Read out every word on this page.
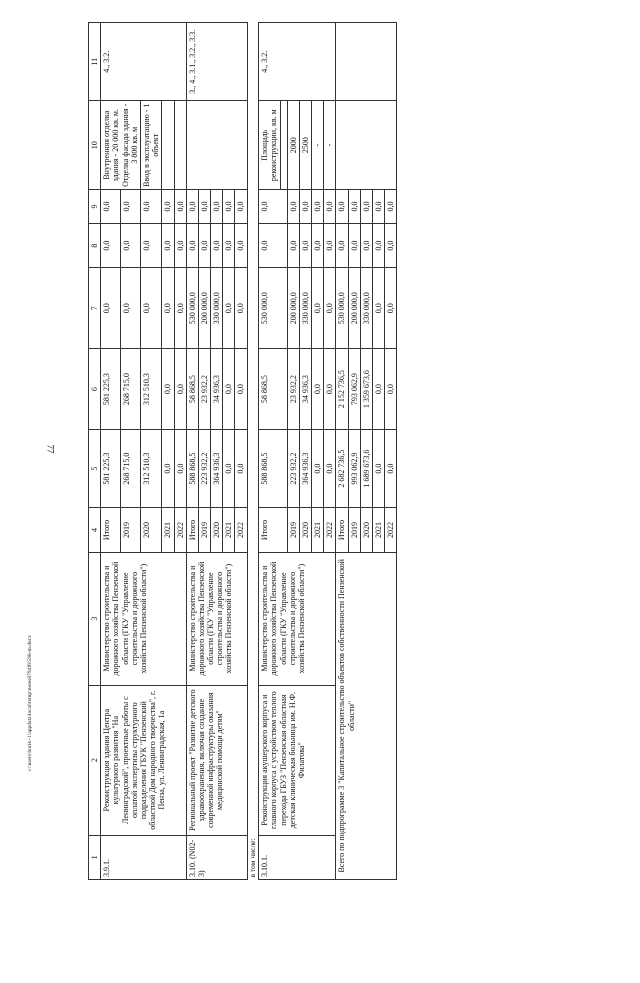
77
c:\users\borik~1\appdata\local\temp\notes8794f6\598-m.docx
1	2	3	4	5	6	7	8	9	10	11
3.9.1.	Реконструкция здания Центра культурного развития "На Ленинградской", проектные работы с оплатой экспертизы структурного подразделения ГБУК "Пензенский областной Дом народного творчества", г. Пенза, ул. Ленинградская, 1а	Министерство строительства и дорожного хозяйства Пензенской области (ГКУ "Управление строительства и дорожного хозяйства Пензенской области")	Итого	581 225,3	581 225,3	0,0	0,0	0,0	Внутренняя отделка здания - 20 000 кв. м. Отделка фасада здания - 3 800 кв. м	4., 3.2.
			2019	268 715,0	268 715,0	0,0	0,0	0,0		
			2020	312 510,3	312 510,3	0,0	0,0	0,0	Ввод в эксплуатацию - 1 объект	
			2021	0,0	0,0	0,0	0,0	0,0		
			2022	0,0	0,0	0,0	0,0	0,0		
3.10. (N02-3)	Региональный проект "Развитие детского здравоохранения, включая создание современной инфраструктуры оказания медицинской помощи детям"	Министерство строительства и дорожного хозяйства Пензенской области (ГКУ "Управление строительства и дорожного хозяйства Пензенской области")	Итого	588 868,5	58 868,5	530 000,0	0,0	0,0		3., 4., 3.1., 3.2., 3.3.
			2019	223 932,2	23 932,2	200 000,0	0,0	0,0		
			2020	364 936,3	34 936,3	330 000,0	0,0	0,0		
			2021	0,0	0,0	0,0	0,0	0,0		
			2022	0,0	0,0	0,0	0,0	0,0		
в том числе:										
3.10.1.	Реконструкция акушерского корпуса и главного корпуса с устройством теплого перехода ГБУЗ "Пензенская областная детская клиническая больница им. Н.Ф. Филатова"	Министерство строительства и дорожного хозяйства Пензенской области (ГКУ "Управление строительства и дорожного хозяйства Пензенской области")	Итого	588 868,5	58 868,5	530 000,0	0,0	0,0	Площадь реконструкции, кв. м	4., 3.2.

			2019	223 932,2	23 932,2	200 000,0	0,0	0,0	2000	
			2020	364 936,3	34 936,3	330 000,0	0,0	0,0	2500	
			2021	0,0	0,0	0,0	0,0	0,0	-	
			2022	0,0	0,0	0,0	0,0	0,0	-	
Всего по подпрограмме 3 "Капитальное строительство объектов собственности Пензенской области"			Итого	2 682 736,5	2 152 736,5	530 000,0	0,0	0,0		
			2019	993 062,9	793 062,9	200 000,0	0,0	0,0		
			2020	1 689 673,6	1 359 673,6	330 000,0	0,0	0,0		
			2021	0,0	0,0	0,0	0,0	0,0		
			2022	0,0	0,0	0,0	0,0	0,0		
